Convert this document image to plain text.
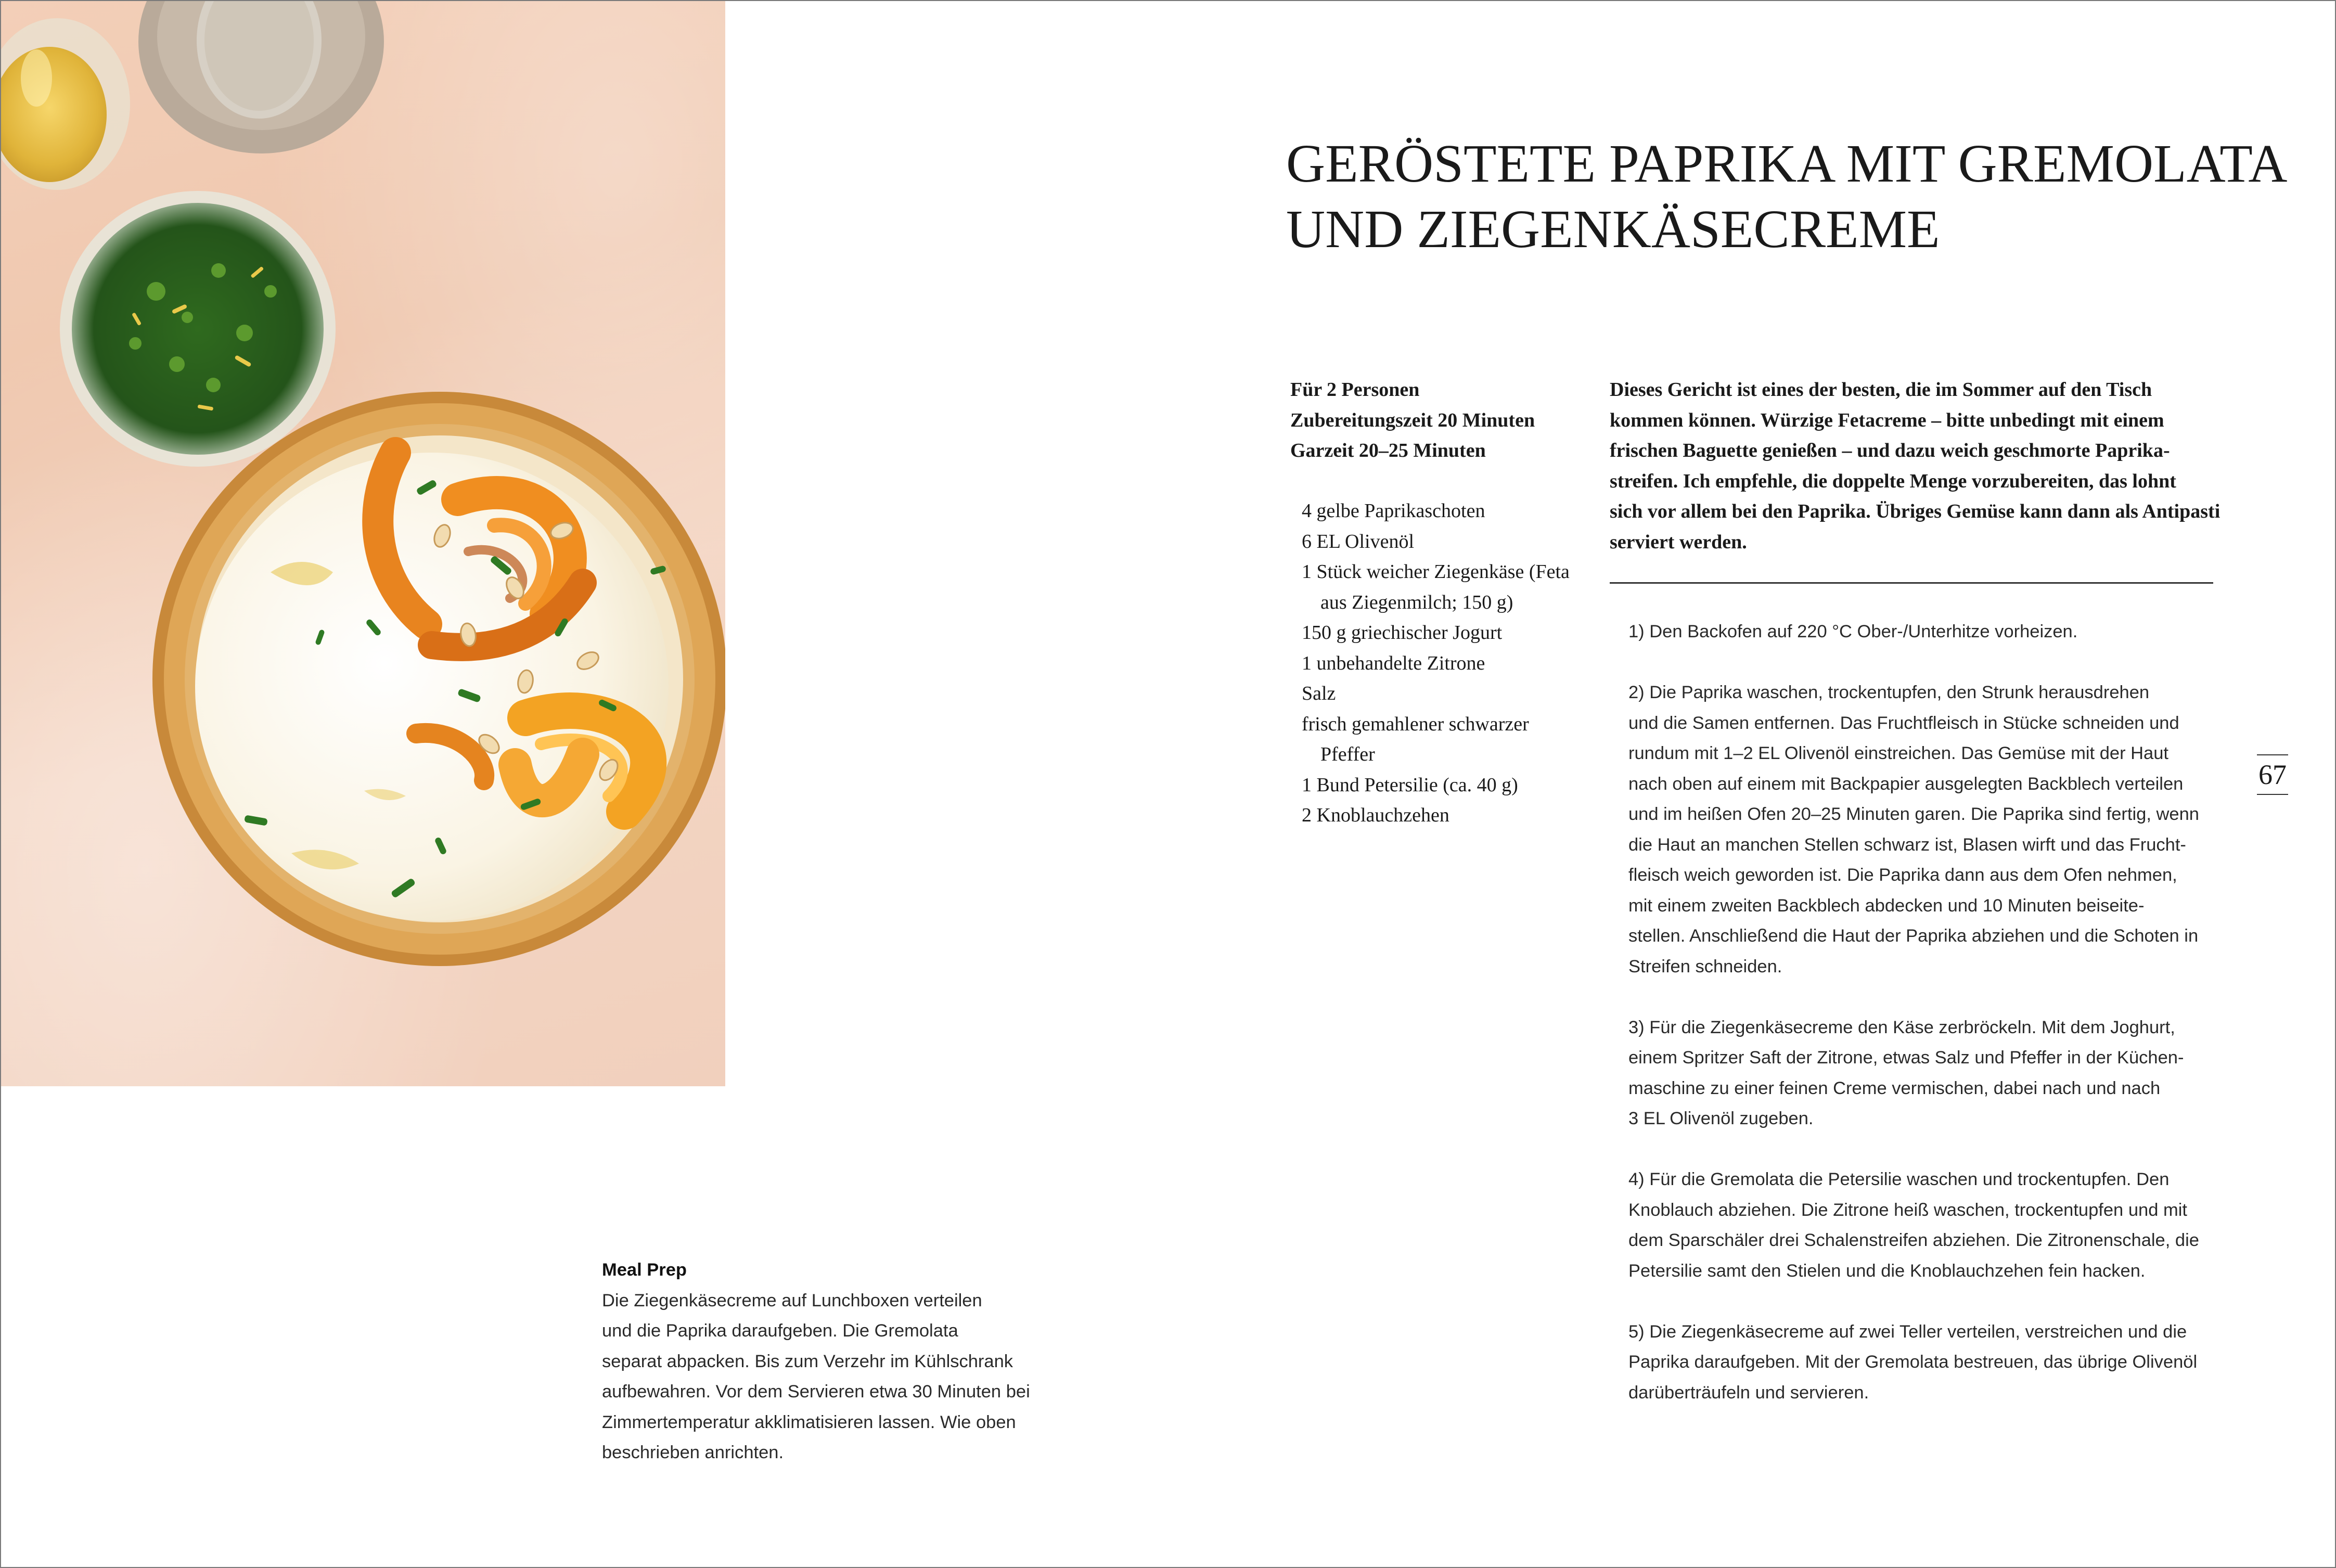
GERÖSTETE PAPRIKA MIT GREMOLATA
UND ZIEGENKÄSECREME
Für 2 Personen
Zubereitungszeit 20 Minuten
Garzeit 20–25 Minuten
4 gelbe Paprikaschoten
6 EL Olivenöl
1 Stück weicher Ziegenkäse (Feta
aus Ziegenmilch; 150 g)
150 g griechischer Jogurt
1 unbehandelte Zitrone
Salz
frisch gemahlener schwarzer
Pfeffer
1 Bund Petersilie (ca. 40 g)
2 Knoblauchzehen
Dieses Gericht ist eines der besten, die im Sommer auf den Tisch
kommen können. Würzige Fetacreme – bitte unbedingt mit einem
frischen Baguette genießen – und dazu weich geschmorte Paprika-
streifen. Ich empfehle, die doppelte Menge vorzubereiten, das lohnt
sich vor allem bei den Paprika. Übriges Gemüse kann dann als Antipasti
serviert werden.
1) Den Backofen auf 220 °C Ober-/Unterhitze vorheizen.
2) Die Paprika waschen, trockentupfen, den Strunk herausdrehen
und die Samen entfernen. Das Fruchtfleisch in Stücke schneiden und
rundum mit 1–2 EL Olivenöl einstreichen. Das Gemüse mit der Haut
nach oben auf einem mit Backpapier ausgelegten Backblech verteilen
und im heißen Ofen 20–25 Minuten garen. Die Paprika sind fertig, wenn
die Haut an manchen Stellen schwarz ist, Blasen wirft und das Frucht-
fleisch weich geworden ist. Die Paprika dann aus dem Ofen nehmen,
mit einem zweiten Backblech abdecken und 10 Minuten beiseite-
stellen. Anschließend die Haut der Paprika abziehen und die Schoten in
Streifen schneiden.
3) Für die Ziegenkäsecreme den Käse zerbröckeln. Mit dem Joghurt,
einem Spritzer Saft der Zitrone, etwas Salz und Pfeffer in der Küchen-
maschine zu einer feinen Creme vermischen, dabei nach und nach
3 EL Olivenöl zugeben.
4) Für die Gremolata die Petersilie waschen und trockentupfen. Den
Knoblauch abziehen. Die Zitrone heiß waschen, trockentupfen und mit
dem Sparschäler drei Schalenstreifen abziehen. Die Zitronenschale, die
Petersilie samt den Stielen und die Knoblauchzehen fein hacken.
5) Die Ziegenkäsecreme auf zwei Teller verteilen, verstreichen und die
Paprika daraufgeben. Mit der Gremolata bestreuen, das übrige Olivenöl
darüberträufeln und servieren.
67
Meal Prep
Die Ziegenkäsecreme auf Lunchboxen verteilen
und die Paprika daraufgeben. Die Gremolata
separat abpacken. Bis zum Verzehr im Kühlschrank
aufbewahren. Vor dem Servieren etwa 30 Minuten bei
Zimmertemperatur akklimatisieren lassen. Wie oben
beschrieben anrichten.
